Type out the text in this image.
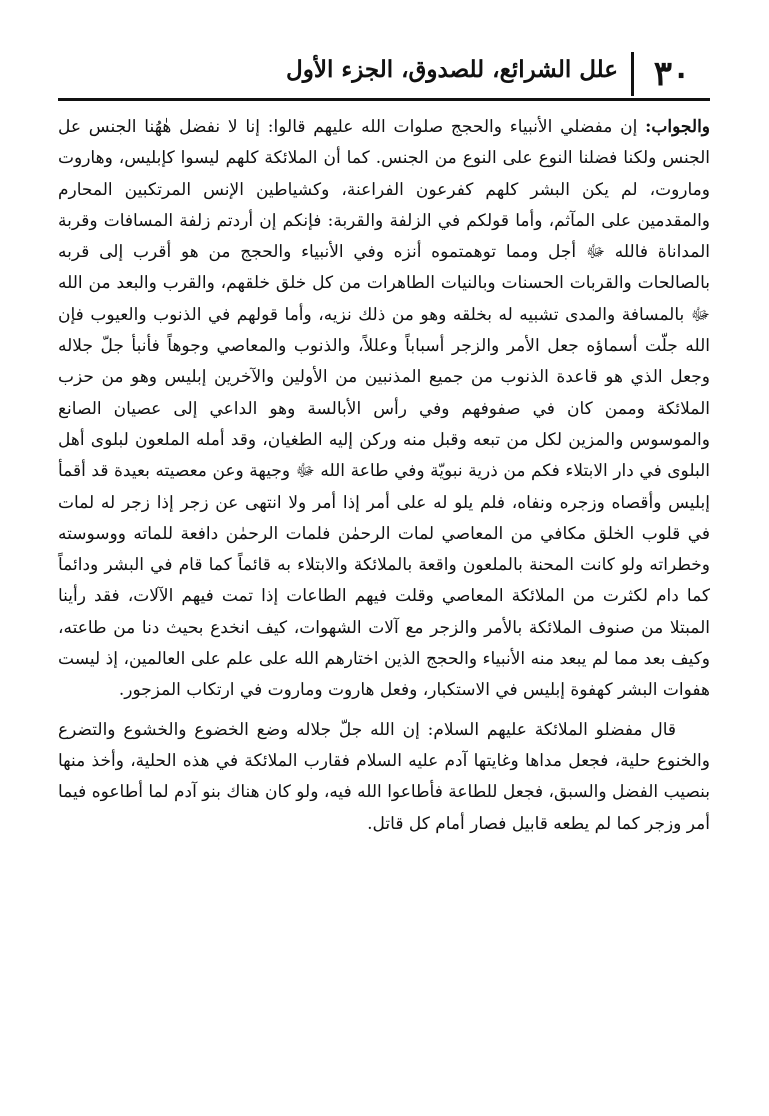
٣٠
علل الشرائع، للصدوق، الجزء الأول

والجواب: إن مفضلي الأنبياء والحجج صلوات الله عليهم قالوا: إنا لا نفضل هٰهُنا الجنس عل الجنس ولكنا فضلنا النوع على النوع من الجنس. كما أن الملائكة كلهم ليسوا كإبليس، وهاروت وماروت، لم يكن البشر كلهم كفرعون الفراعنة، وكشياطين الإنس المرتكبين المحارم والمقدمين على المآثم، وأما قولكم في الزلفة والقربة: فإنكم إن أردتم زلفة المسافات وقربة المداناة فالله ﷻ أجل ومما توهمتموه أنزه وفي الأنبياء والحجج من هو أقرب إلى قربه بالصالحات والقربات الحسنات وبالنيات الطاهرات من كل خلق خلقهم، والقرب والبعد من الله ﷻ بالمسافة والمدى تشبيه له بخلقه وهو من ذلك نزيه، وأما قولهم في الذنوب والعيوب فإن الله جلّت أسماؤه جعل الأمر والزجر أسباباً وعللاً، والذنوب والمعاصي وجوهاً فأنبأ جلّ جلاله وجعل الذي هو قاعدة الذنوب من جميع المذنبين من الأولين والآخرين إبليس وهو من حزب الملائكة وممن كان في صفوفهم وفي رأس الأبالسة وهو الداعي إلى عصيان الصانع والموسوس والمزين لكل من تبعه وقبل منه وركن إليه الطغيان، وقد أمله الملعون لبلوى أهل البلوى في دار الابتلاء فكم من ذرية نبويّة وفي طاعة الله ﷻ وجيهة وعن معصيته بعيدة قد أقمأ إبليس وأقصاه وزجره ونفاه، فلم يلو له على أمر إذا أمر ولا انتهى عن زجر إذا زجر له لمات في قلوب الخلق مكافي من المعاصي لمات الرحمٰن فلمات الرحمٰن دافعة للماته ووسوسته وخطراته ولو كانت المحنة بالملعون واقعة بالملائكة والابتلاء به قائماً كما قام في البشر ودائماً كما دام لكثرت من الملائكة المعاصي وقلت فيهم الطاعات إذا تمت فيهم الآلات، فقد رأينا المبتلا من صنوف الملائكة بالأمر والزجر مع آلات الشهوات، كيف انخدع بحيث دنا من طاعته، وكيف بعد مما لم يبعد منه الأنبياء والحجج الذين اختارهم الله على علم على العالمين، إذ ليست هفوات البشر كهفوة إبليس في الاستكبار، وفعل هاروت وماروت في ارتكاب المزجور.

  قال مفضلو الملائكة عليهم السلام: إن الله جلّ جلاله وضع الخضوع والخشوع والتضرع والخنوع حلية، فجعل مداها وغايتها آدم عليه السلام فقارب الملائكة في هذه الحلية، وأخذ منها بنصيب الفضل والسبق، فجعل للطاعة فأطاعوا الله فيه، ولو كان هناك بنو آدم لما أطاعوه فيما أمر وزجر كما لم يطعه قابيل فصار أمام كل قاتل.
